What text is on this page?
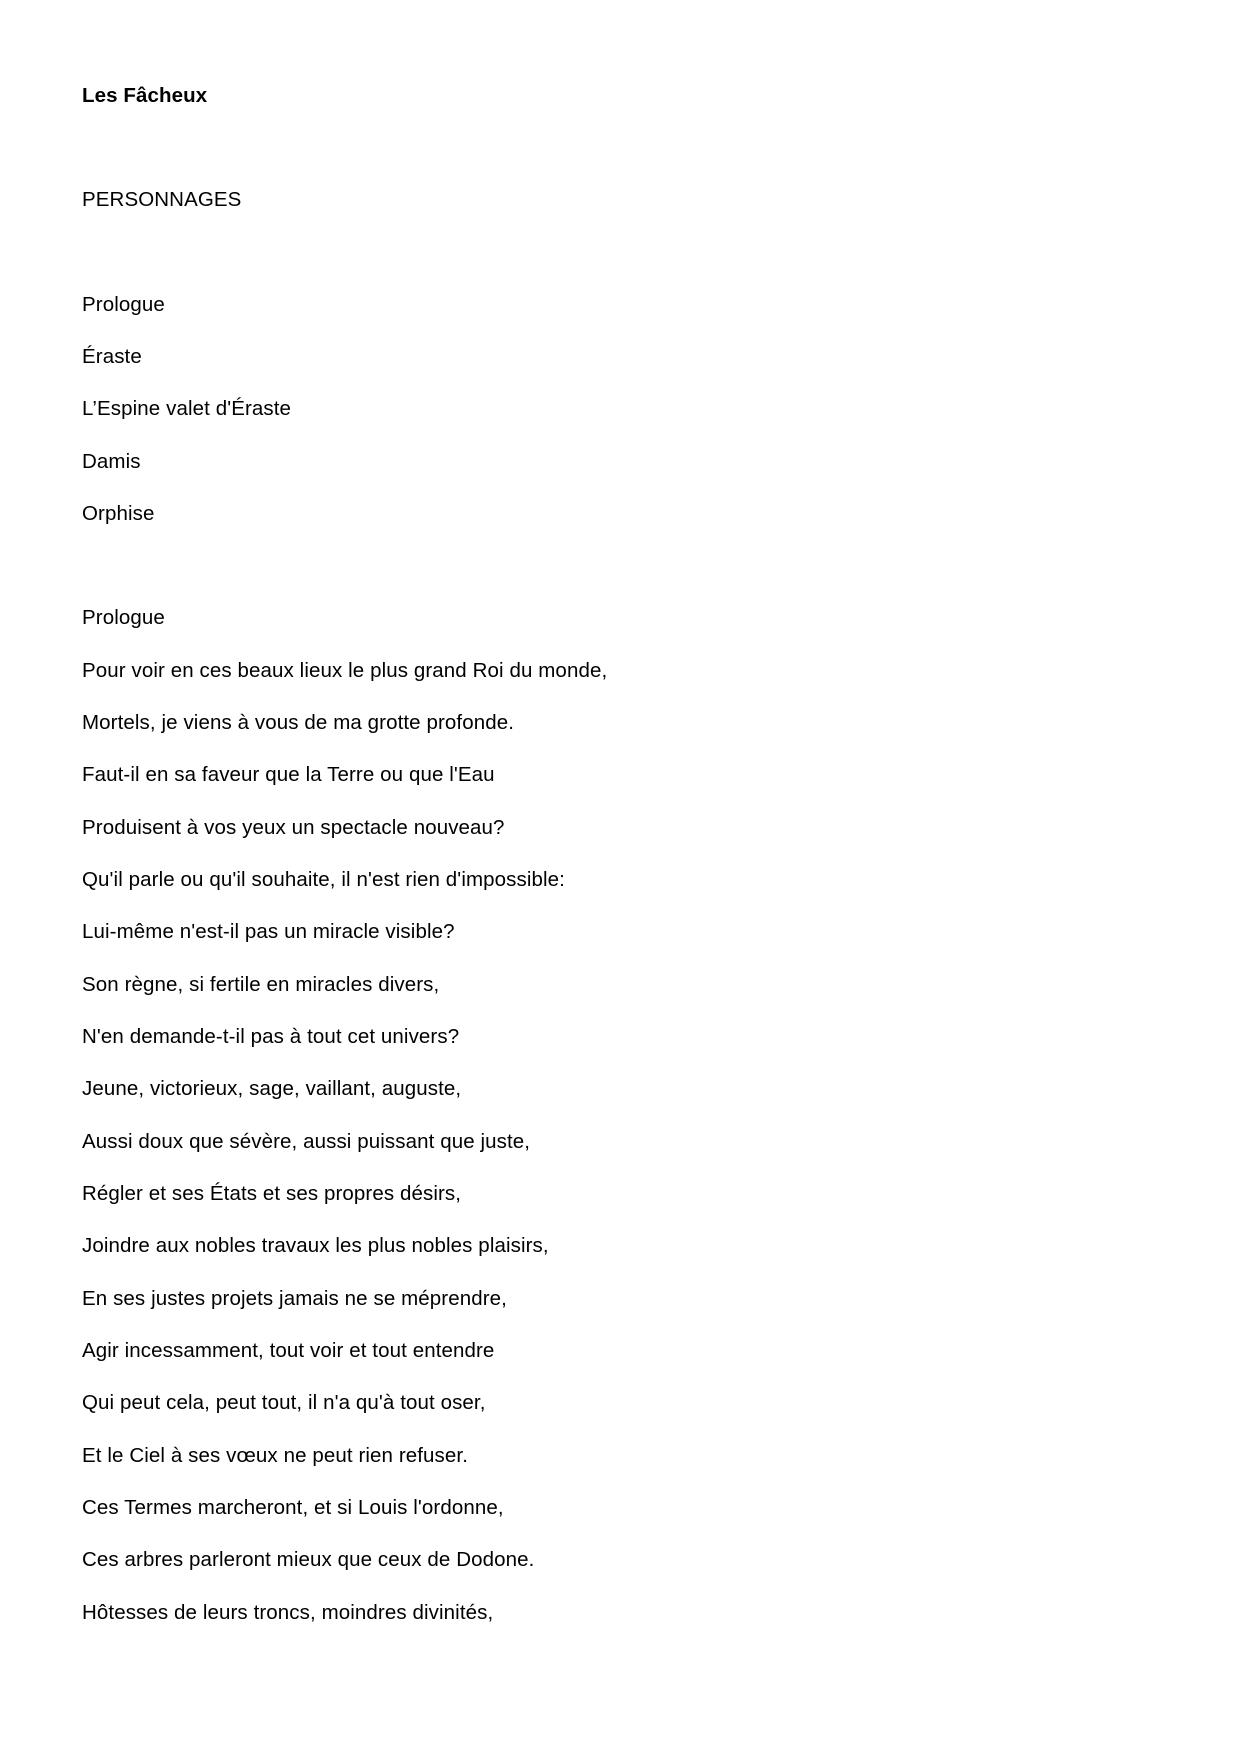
Les Fâcheux
PERSONNAGES
Prologue
Éraste
L’Espine valet d'Éraste
Damis
Orphise
Prologue
Pour voir en ces beaux lieux le plus grand Roi du monde,
Mortels, je viens à vous de ma grotte profonde.
Faut-il en sa faveur que la Terre ou que l'Eau
Produisent à vos yeux un spectacle nouveau?
Qu'il parle ou qu'il souhaite, il n'est rien d'impossible:
Lui-même n'est-il pas un miracle visible?
Son règne, si fertile en miracles divers,
N'en demande-t-il pas à tout cet univers?
Jeune, victorieux, sage, vaillant, auguste,
Aussi doux que sévère, aussi puissant que juste,
Régler et ses États et ses propres désirs,
Joindre aux nobles travaux les plus nobles plaisirs,
En ses justes projets jamais ne se méprendre,
Agir incessamment, tout voir et tout entendre
Qui peut cela, peut tout, il n'a qu'à tout oser,
Et le Ciel à ses vœux ne peut rien refuser.
Ces Termes marcheront, et si Louis l'ordonne,
Ces arbres parleront mieux que ceux de Dodone.
Hôtesses de leurs troncs, moindres divinités,
